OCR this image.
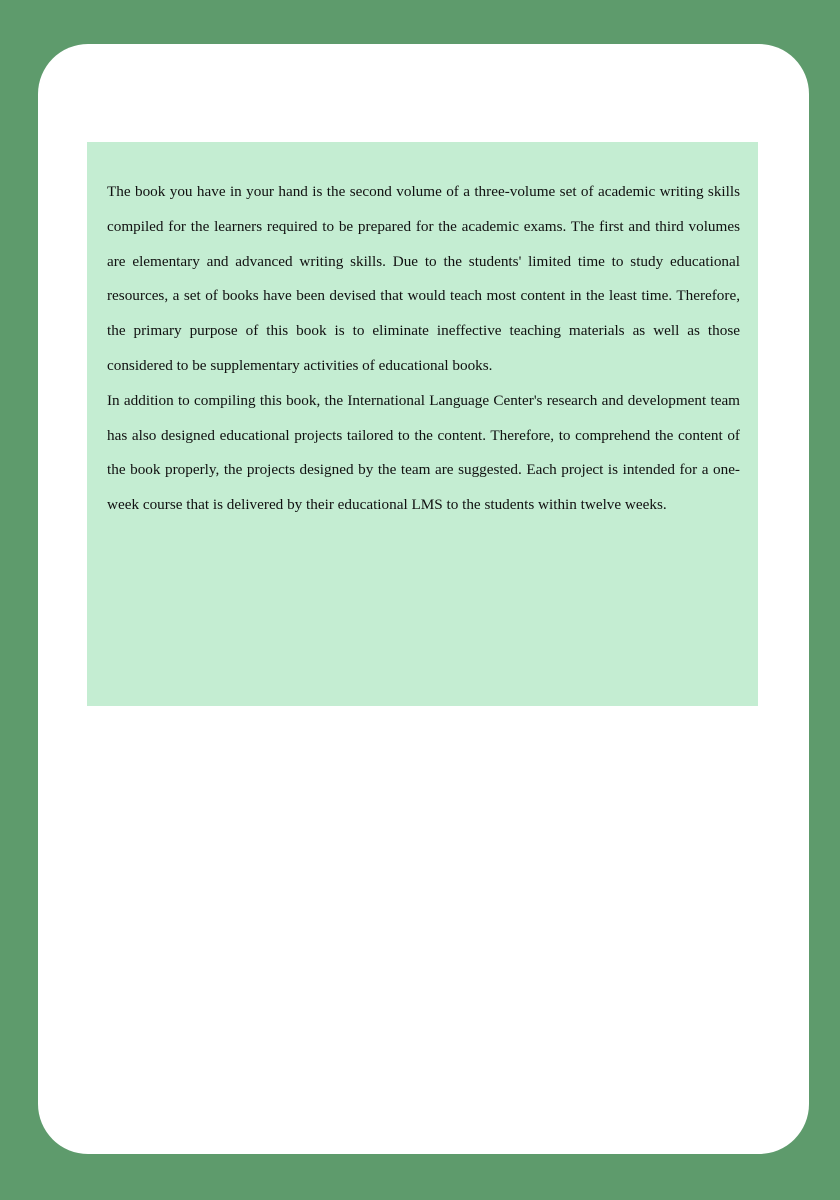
The book you have in your hand is the second volume of a three-volume set of academic writing skills compiled for the learners required to be prepared for the academic exams. The first and third volumes are elementary and advanced writing skills. Due to the students' limited time to study educational resources, a set of books have been devised that would teach most content in the least time. Therefore, the primary purpose of this book is to eliminate ineffective teaching materials as well as those considered to be supplementary activities of educational books.

In addition to compiling this book, the International Language Center's research and development team has also designed educational projects tailored to the content. Therefore, to comprehend the content of the book properly, the projects designed by the team are suggested. Each project is intended for a one-week course that is delivered by their educational LMS to the students within twelve weeks.
